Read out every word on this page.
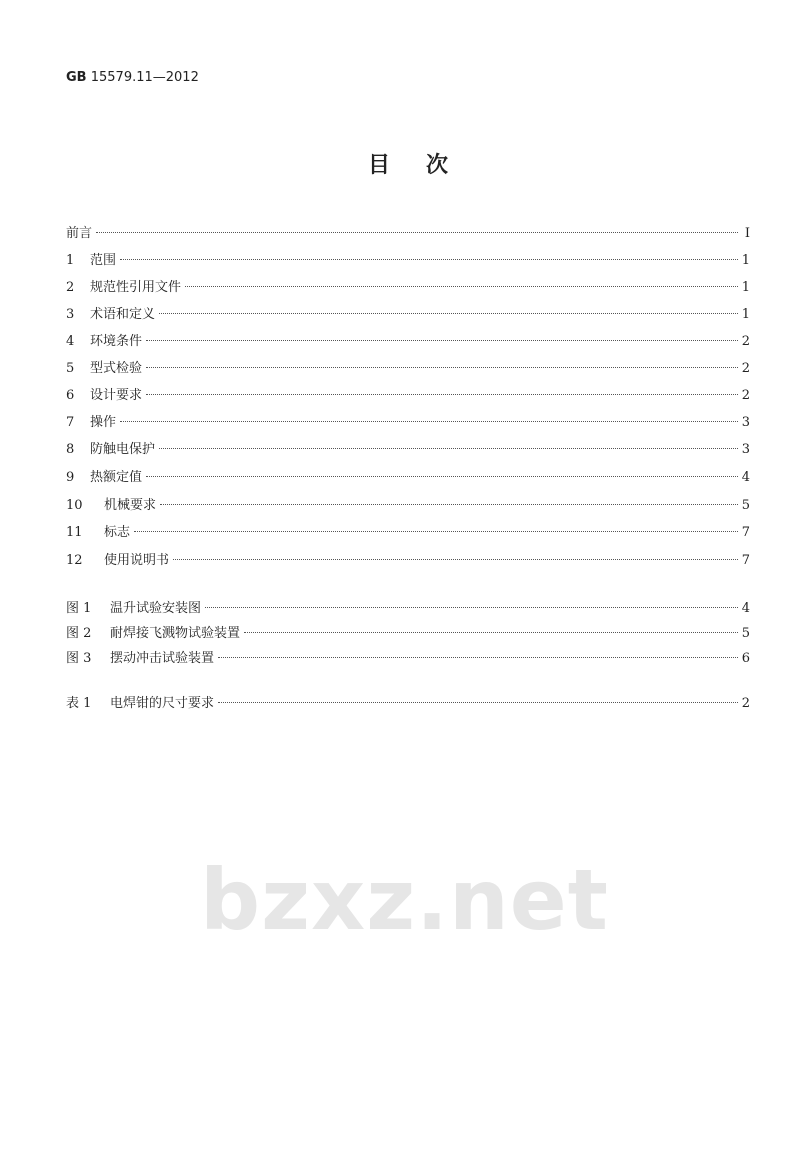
GB 15579.11—2012
bzxz.net
目次
前言	I
1	范围	1
2	规范性引用文件	1
3	术语和定义	1
4	环境条件	2
5	型式检验	2
6	设计要求	2
7	操作	3
8	防触电保护	3
9	热额定值	4
10	机械要求	5
11	标志	7
12	使用说明书	7
图 1	温升试验安装图	4
图 2	耐焊接飞溅物试验装置	5
图 3	摆动冲击试验装置	6
表 1	电焊钳的尺寸要求	2
